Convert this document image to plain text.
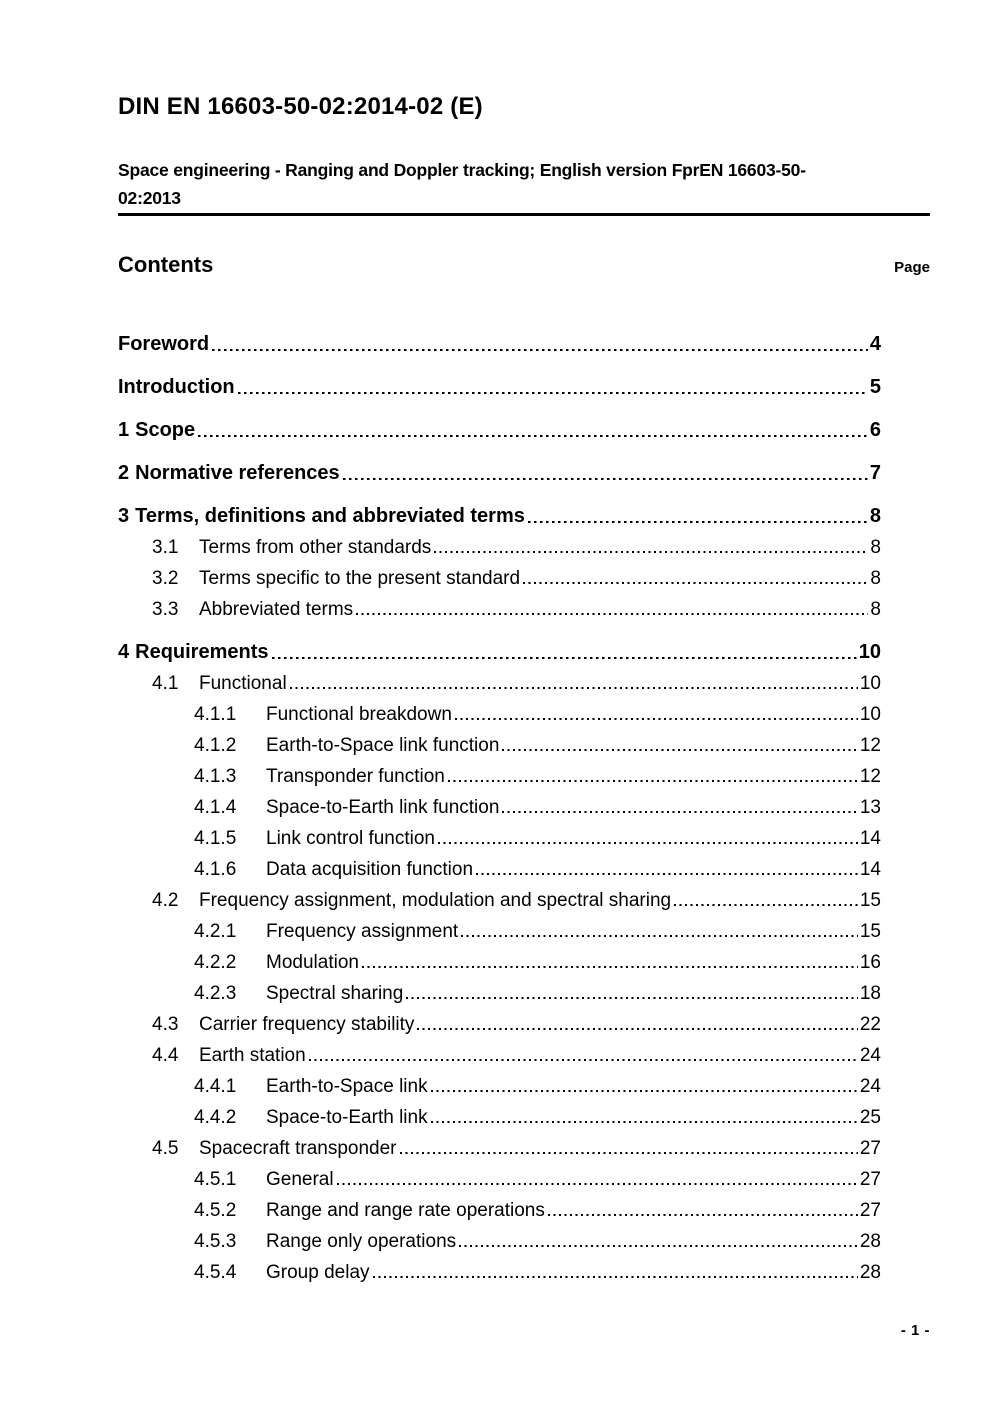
DIN EN 16603-50-02:2014-02 (E)
Space engineering - Ranging and Doppler tracking; English version FprEN 16603-50-
02:2013
Contents	Page
Foreword	4
Introduction	5
1 Scope	6
2 Normative references	7
3 Terms, definitions and abbreviated terms	8
3.1	Terms from other standards	8
3.2	Terms specific to the present standard	8
3.3	Abbreviated terms	8
4 Requirements	10
4.1	Functional	10
4.1.1	Functional breakdown	10
4.1.2	Earth-to-Space link function	12
4.1.3	Transponder function	12
4.1.4	Space-to-Earth link function	13
4.1.5	Link control function	14
4.1.6	Data acquisition function	14
4.2	Frequency assignment, modulation and spectral sharing	15
4.2.1	Frequency assignment	15
4.2.2	Modulation	16
4.2.3	Spectral sharing	18
4.3	Carrier frequency stability	22
4.4	Earth station	24
4.4.1	Earth-to-Space link	24
4.4.2	Space-to-Earth link	25
4.5	Spacecraft transponder	27
4.5.1	General	27
4.5.2	Range and range rate operations	27
4.5.3	Range only operations	28
4.5.4	Group delay	28
- 1 -
